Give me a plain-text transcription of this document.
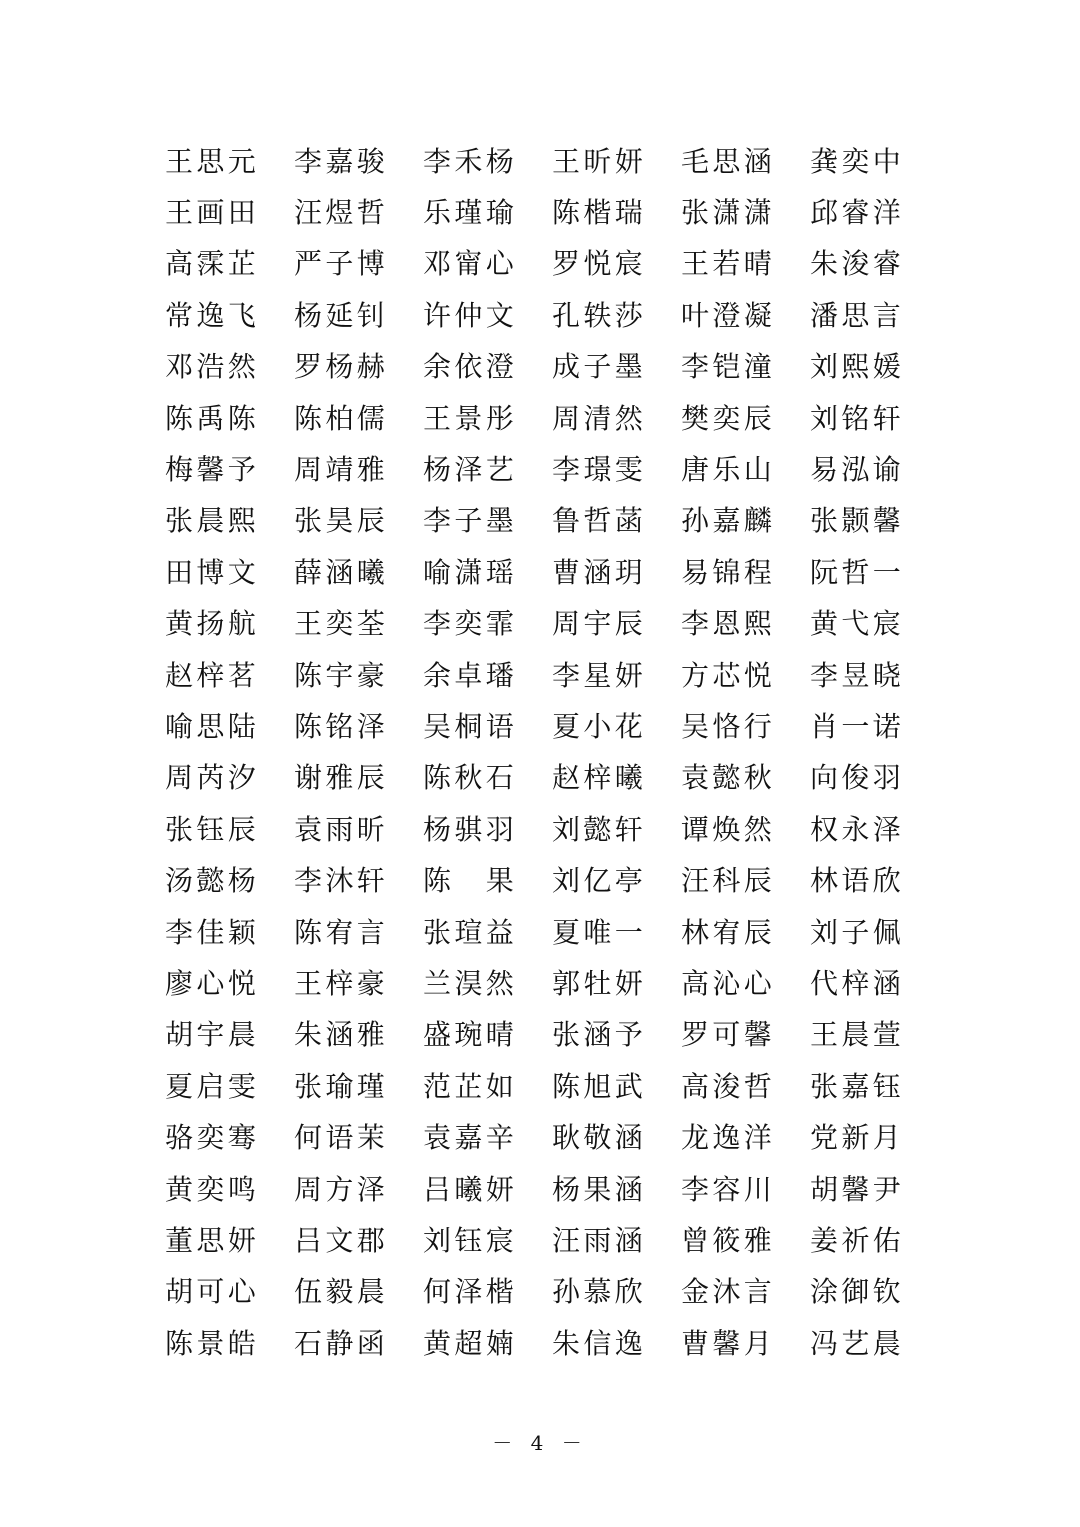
王思元	李嘉骏	李禾杨	王昕妍	毛思涵	龚奕中
王画田	汪煜哲	乐瑾瑜	陈楷瑞	张潇潇	邱睿洋
高霂芷	严子博	邓甯心	罗悦宸	王若晴	朱浚睿
常逸飞	杨延钊	许仲文	孔轶莎	叶澄凝	潘思言
邓浩然	罗杨赫	余依澄	成子墨	李铠潼	刘熙媛
陈禹陈	陈柏儒	王景彤	周清然	樊奕辰	刘铭轩
梅馨予	周靖雅	杨泽艺	李璟雯	唐乐山	易泓谕
张晨熙	张昊辰	李子墨	鲁哲菡	孙嘉麟	张颢馨
田博文	薛涵曦	喻潇瑶	曹涵玥	易锦程	阮哲一
黄扬航	王奕荃	李奕霏	周宇辰	李恩熙	黄弋宸
赵梓茗	陈宇豪	余卓璠	李星妍	方芯悦	李昱晓
喻思陆	陈铭泽	吴桐语	夏小花	吴恪行	肖一诺
周芮汐	谢雅辰	陈秋石	赵梓曦	袁懿秋	向俊羽
张钰辰	袁雨昕	杨骐羽	刘懿轩	谭焕然	权永泽
汤懿杨	李沐轩	陈　果	刘亿亭	汪科辰	林语欣
李佳颖	陈宥言	张瑄益	夏唯一	林宥辰	刘子佩
廖心悦	王梓豪	兰淏然	郭牡妍	高沁心	代梓涵
胡宇晨	朱涵雅	盛琬晴	张涵予	罗可馨	王晨萱
夏启雯	张瑜瑾	范芷如	陈旭武	高浚哲	张嘉钰
骆奕骞	何语茉	袁嘉辛	耿敬涵	龙逸洋	党新月
黄奕鸣	周方泽	吕曦妍	杨果涵	李容川	胡馨尹
董思妍	吕文郡	刘钰宸	汪雨涵	曾筱雅	姜祈佑
胡可心	伍毅晨	何泽楷	孙慕欣	金沐言	涂御钦
陈景皓	石静函	黄超婻	朱信逸	曹馨月	冯艺晨
－ 4 －
